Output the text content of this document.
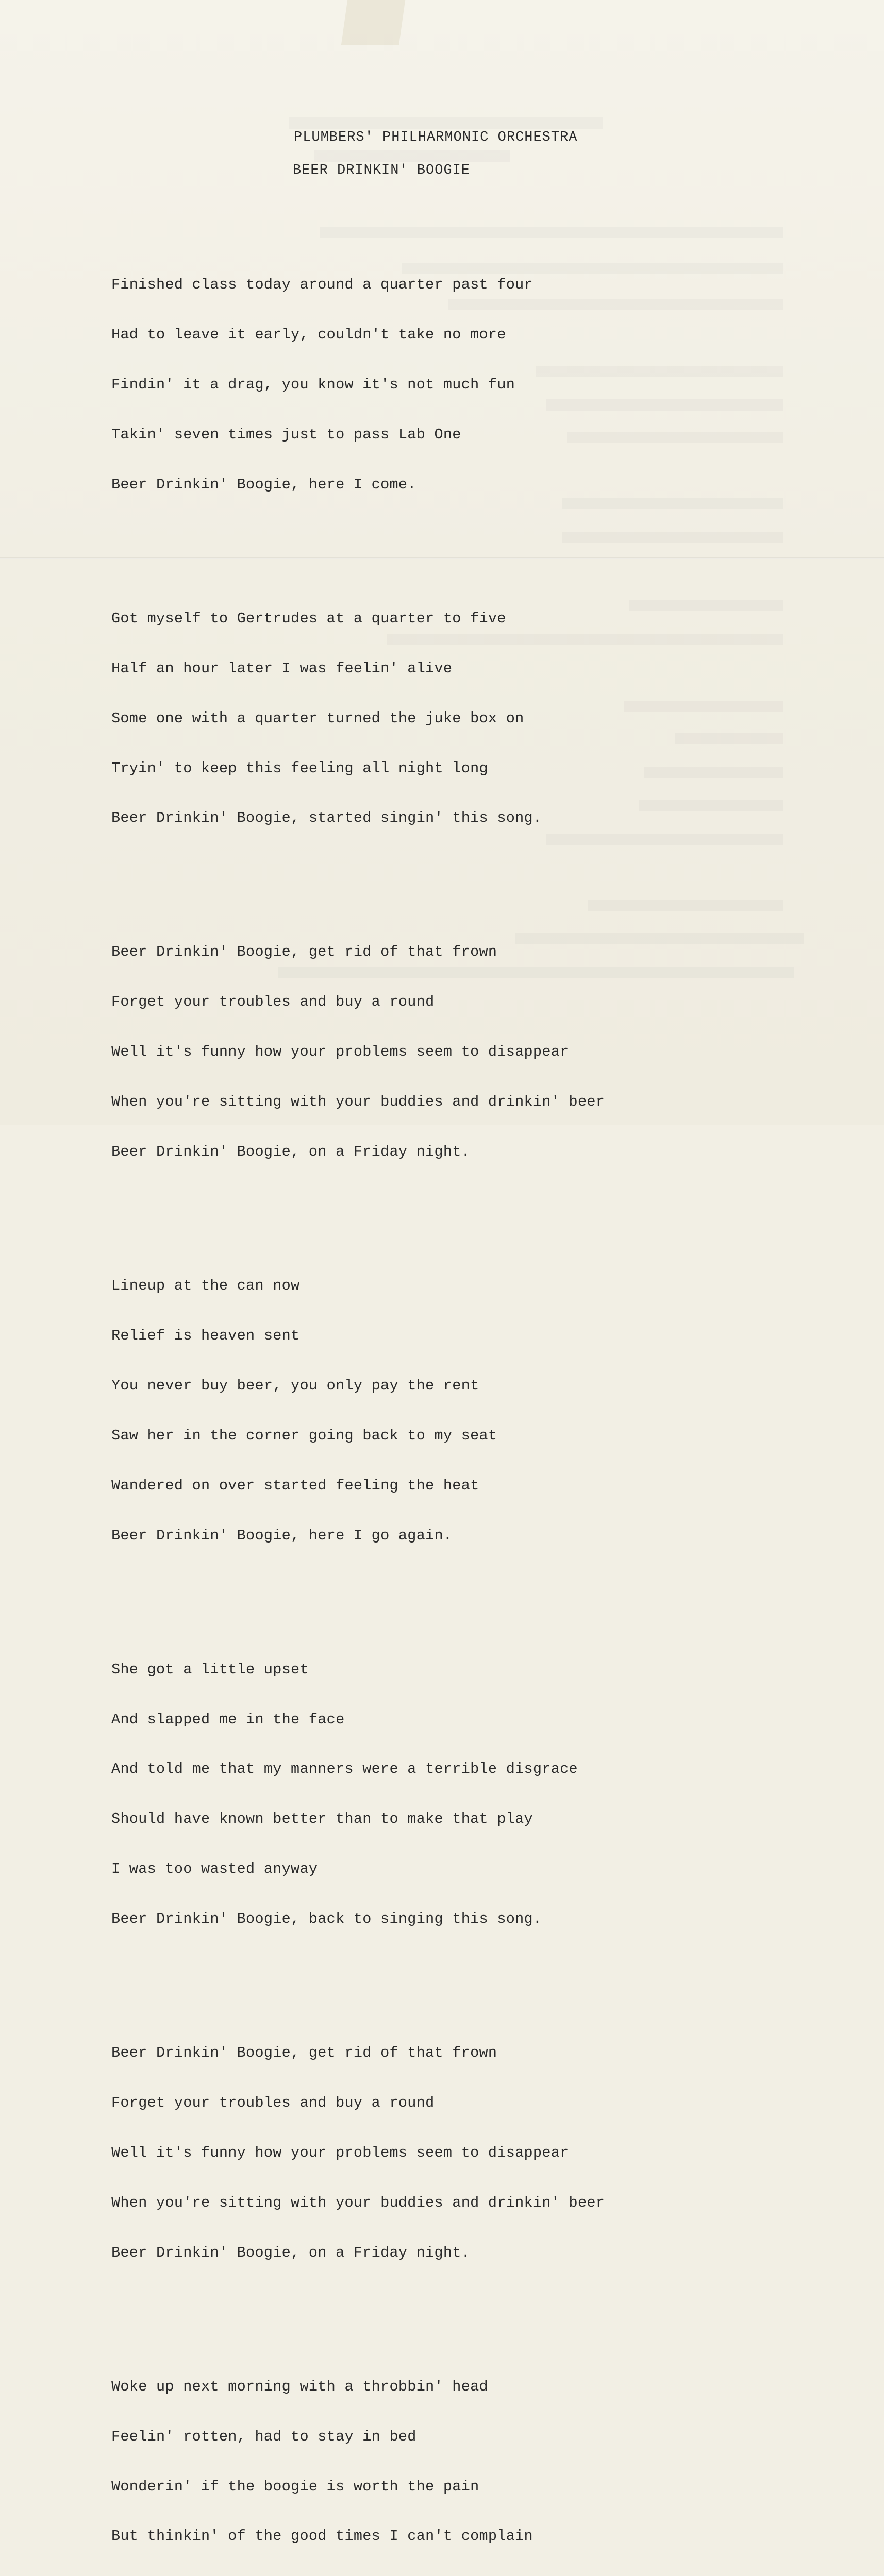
PLUMBERS' PHILHARMONIC ORCHESTRA
BEER DRINKIN' BOOGIE

Finished class today around a quarter past four

Had to leave it early, couldn't take no more

Findin' it a drag, you know it's not much fun

Takin' seven times just to pass Lab One

Beer Drinkin' Boogie, here I come.

Got myself to Gertrudes at a quarter to five

Half an hour later I was feelin' alive

Some one with a quarter turned the juke box on

Tryin' to keep this feeling all night long

Beer Drinkin' Boogie, started singin' this song.

Beer Drinkin' Boogie, get rid of that frown

Forget your troubles and buy a round

Well it's funny how your problems seem to disappear

When you're sitting with your buddies and drinkin' beer

Beer Drinkin' Boogie, on a Friday night.

Lineup at the can now

Relief is heaven sent

You never buy beer, you only pay the rent

Saw her in the corner going back to my seat

Wandered on over started feeling the heat

Beer Drinkin' Boogie, here I go again.

She got a little upset

And slapped me in the face

And told me that my manners were a terrible disgrace

Should have known better than to make that play

I was too wasted anyway

Beer Drinkin' Boogie, back to singing this song.

Beer Drinkin' Boogie, get rid of that frown

Forget your troubles and buy a round

Well it's funny how your problems seem to disappear

When you're sitting with your buddies and drinkin' beer

Beer Drinkin' Boogie, on a Friday night.

Woke up next morning with a throbbin' head

Feelin' rotten, had to stay in bed

Wonderin' if the boogie is worth the pain

But thinkin' of the good times I can't complain
